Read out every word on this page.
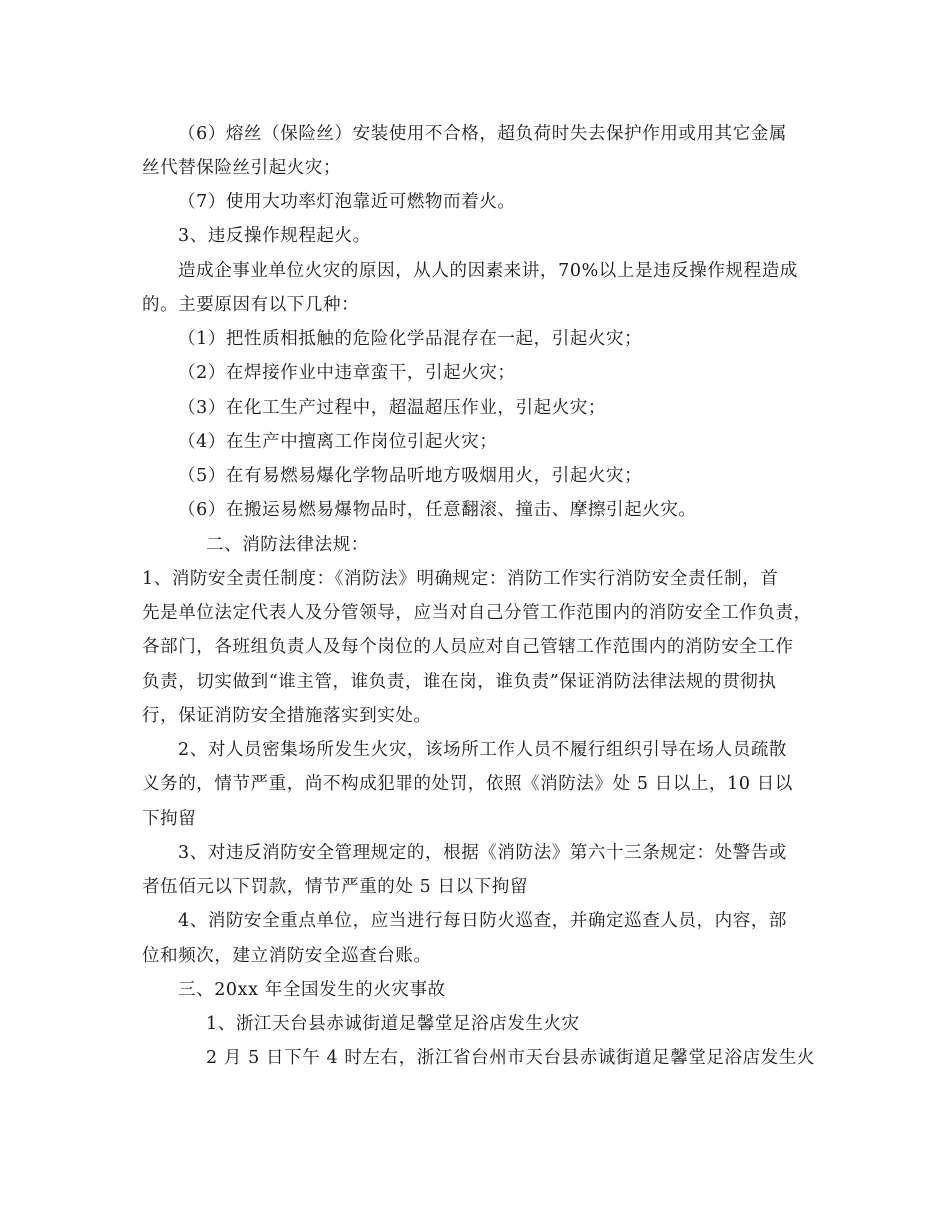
（6）熔丝（保险丝）安装使用不合格，超负荷时失去保护作用或用其它金属
丝代替保险丝引起火灾；
（7）使用大功率灯泡靠近可燃物而着火。
3、违反操作规程起火。
造成企事业单位火灾的原因，从人的因素来讲，70%以上是违反操作规程造成
的。主要原因有以下几种：
（1）把性质相抵触的危险化学品混存在一起，引起火灾；
（2）在焊接作业中违章蛮干，引起火灾；
（3）在化工生产过程中，超温超压作业，引起火灾；
（4）在生产中擅离工作岗位引起火灾；
（5）在有易燃易爆化学物品听地方吸烟用火，引起火灾；
（6）在搬运易燃易爆物品时，任意翻滚、撞击、摩擦引起火灾。
二、消防法律法规：
1、消防安全责任制度：《消防法》明确规定：消防工作实行消防安全责任制，首
先是单位法定代表人及分管领导，应当对自己分管工作范围内的消防安全工作负责，
各部门，各班组负责人及每个岗位的人员应对自己管辖工作范围内的消防安全工作
负责，切实做到“谁主管，谁负责，谁在岗，谁负责”保证消防法律法规的贯彻执
行，保证消防安全措施落实到实处。
2、对人员密集场所发生火灾，该场所工作人员不履行组织引导在场人员疏散
义务的，情节严重，尚不构成犯罪的处罚，依照《消防法》处 5 日以上，10 日以
下拘留
3、对违反消防安全管理规定的，根据《消防法》第六十三条规定：处警告或
者伍佰元以下罚款，情节严重的处 5 日以下拘留
4、消防安全重点单位，应当进行每日防火巡查，并确定巡查人员，内容，部
位和频次，建立消防安全巡查台账。
三、20xx 年全国发生的火灾事故
1、浙江天台县赤诚街道足馨堂足浴店发生火灾
2 月 5 日下午 4 时左右，浙江省台州市天台县赤诚街道足馨堂足浴店发生火
